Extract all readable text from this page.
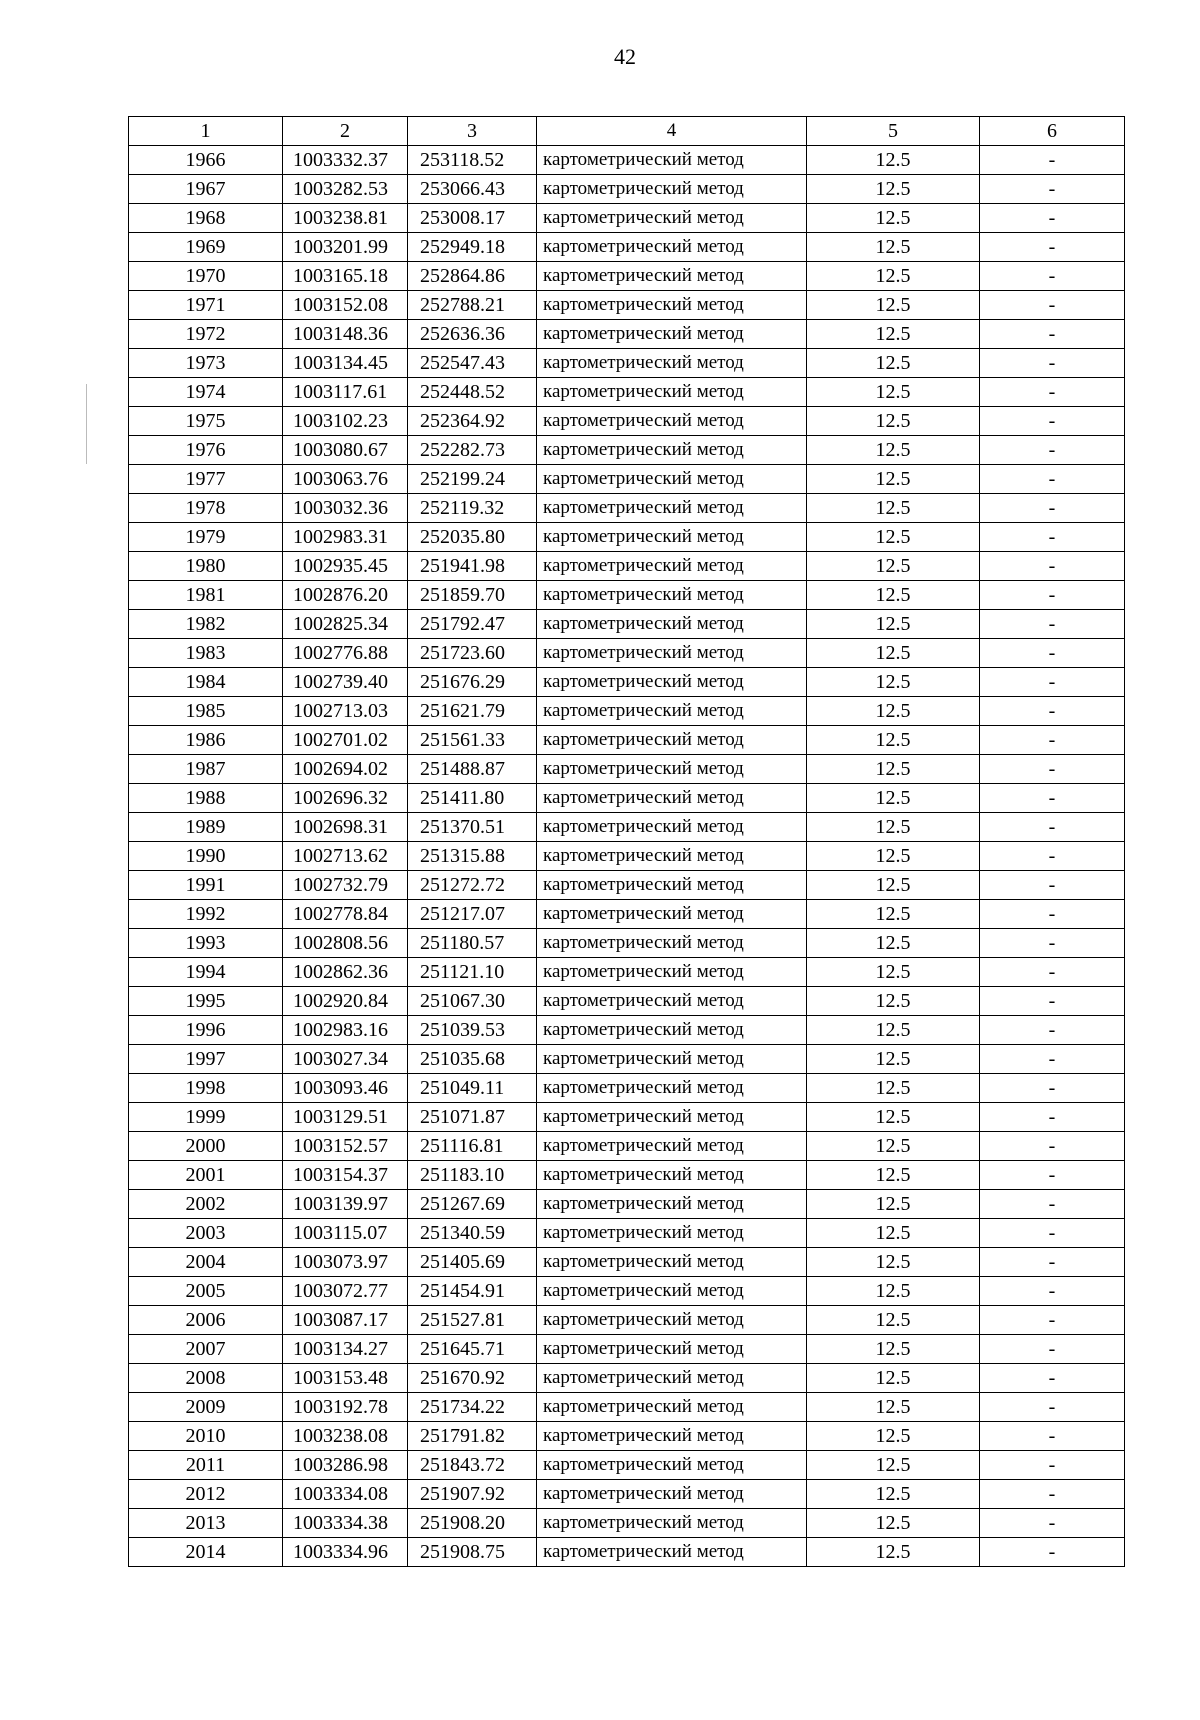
42
1	2	3	4	5	6
1966	1003332.37	253118.52	картометрический метод	12.5	-
1967	1003282.53	253066.43	картометрический метод	12.5	-
1968	1003238.81	253008.17	картометрический метод	12.5	-
1969	1003201.99	252949.18	картометрический метод	12.5	-
1970	1003165.18	252864.86	картометрический метод	12.5	-
1971	1003152.08	252788.21	картометрический метод	12.5	-
1972	1003148.36	252636.36	картометрический метод	12.5	-
1973	1003134.45	252547.43	картометрический метод	12.5	-
1974	1003117.61	252448.52	картометрический метод	12.5	-
1975	1003102.23	252364.92	картометрический метод	12.5	-
1976	1003080.67	252282.73	картометрический метод	12.5	-
1977	1003063.76	252199.24	картометрический метод	12.5	-
1978	1003032.36	252119.32	картометрический метод	12.5	-
1979	1002983.31	252035.80	картометрический метод	12.5	-
1980	1002935.45	251941.98	картометрический метод	12.5	-
1981	1002876.20	251859.70	картометрический метод	12.5	-
1982	1002825.34	251792.47	картометрический метод	12.5	-
1983	1002776.88	251723.60	картометрический метод	12.5	-
1984	1002739.40	251676.29	картометрический метод	12.5	-
1985	1002713.03	251621.79	картометрический метод	12.5	-
1986	1002701.02	251561.33	картометрический метод	12.5	-
1987	1002694.02	251488.87	картометрический метод	12.5	-
1988	1002696.32	251411.80	картометрический метод	12.5	-
1989	1002698.31	251370.51	картометрический метод	12.5	-
1990	1002713.62	251315.88	картометрический метод	12.5	-
1991	1002732.79	251272.72	картометрический метод	12.5	-
1992	1002778.84	251217.07	картометрический метод	12.5	-
1993	1002808.56	251180.57	картометрический метод	12.5	-
1994	1002862.36	251121.10	картометрический метод	12.5	-
1995	1002920.84	251067.30	картометрический метод	12.5	-
1996	1002983.16	251039.53	картометрический метод	12.5	-
1997	1003027.34	251035.68	картометрический метод	12.5	-
1998	1003093.46	251049.11	картометрический метод	12.5	-
1999	1003129.51	251071.87	картометрический метод	12.5	-
2000	1003152.57	251116.81	картометрический метод	12.5	-
2001	1003154.37	251183.10	картометрический метод	12.5	-
2002	1003139.97	251267.69	картометрический метод	12.5	-
2003	1003115.07	251340.59	картометрический метод	12.5	-
2004	1003073.97	251405.69	картометрический метод	12.5	-
2005	1003072.77	251454.91	картометрический метод	12.5	-
2006	1003087.17	251527.81	картометрический метод	12.5	-
2007	1003134.27	251645.71	картометрический метод	12.5	-
2008	1003153.48	251670.92	картометрический метод	12.5	-
2009	1003192.78	251734.22	картометрический метод	12.5	-
2010	1003238.08	251791.82	картометрический метод	12.5	-
2011	1003286.98	251843.72	картометрический метод	12.5	-
2012	1003334.08	251907.92	картометрический метод	12.5	-
2013	1003334.38	251908.20	картометрический метод	12.5	-
2014	1003334.96	251908.75	картометрический метод	12.5	-
